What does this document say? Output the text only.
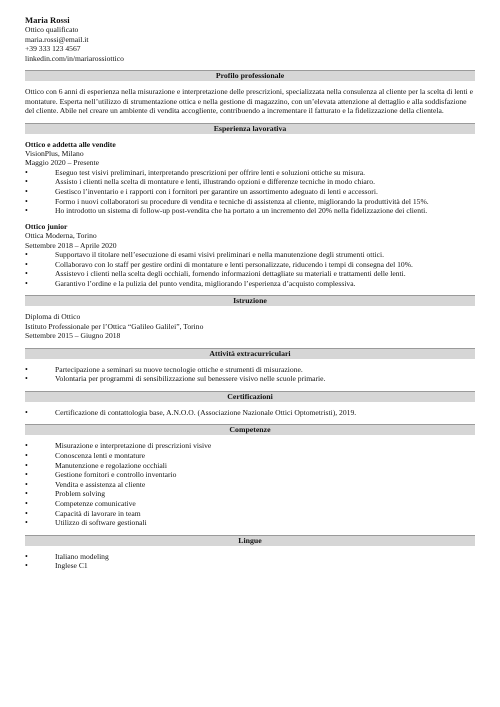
Maria Rossi
Ottico qualificato
maria.rossi@email.it
+39 333 123 4567
linkedin.com/in/mariarossiottico
Profilo professionale

Ottico con 6 anni di esperienza nella misurazione e interpretazione delle prescrizioni, specializzata nella consulenza al cliente per la scelta di lenti e montature. Esperta nell’utilizzo di strumentazione ottica e nella gestione di magazzino, con un’elevata attenzione al dettaglio e alla soddisfazione del cliente. Abile nel creare un ambiente di vendita accogliente, contribuendo a incrementare il fatturato e la fidelizzazione della clientela.

Esperienza lavorativa
Ottico e addetta alle vendite
VisionPlus, Milano
Maggio 2020 – Presente
• Eseguo test visivi preliminari, interpretando prescrizioni per offrire lenti e soluzioni ottiche su misura.
• Assisto i clienti nella scelta di montature e lenti, illustrando opzioni e differenze tecniche in modo chiaro.
• Gestisco l’inventario e i rapporti con i fornitori per garantire un assortimento adeguato di lenti e accessori.
• Formo i nuovi collaboratori su procedure di vendita e tecniche di assistenza al cliente, migliorando la produttività del 15%.
• Ho introdotto un sistema di follow-up post-vendita che ha portato a un incremento del 20% nella fidelizzazione dei clienti.
Ottico junior
Ottica Moderna, Torino
Settembre 2018 – Aprile 2020
• Supportavo il titolare nell’esecuzione di esami visivi preliminari e nella manutenzione degli strumenti ottici.
• Collaboravo con lo staff per gestire ordini di montature e lenti personalizzate, riducendo i tempi di consegna del 10%.
• Assistevo i clienti nella scelta degli occhiali, fornendo informazioni dettagliate su materiali e trattamenti delle lenti.
• Garantivo l’ordine e la pulizia del punto vendita, migliorando l’esperienza d’acquisto complessiva.
Istruzione
Diploma di Ottico
Istituto Professionale per l’Ottica “Galileo Galilei”, Torino
Settembre 2015 – Giugno 2018
Attività extracurriculari
• Partecipazione a seminari su nuove tecnologie ottiche e strumenti di misurazione.
• Volontaria per programmi di sensibilizzazione sul benessere visivo nelle scuole primarie.
Certificazioni
• Certificazione di contattologia base, A.N.O.O. (Associazione Nazionale Ottici Optometristi), 2019.
Competenze
• Misurazione e interpretazione di prescrizioni visive
• Conoscenza lenti e montature
• Manutenzione e regolazione occhiali
• Gestione fornitori e controllo inventario
• Vendita e assistenza al cliente
• Problem solving
• Competenze comunicative
• Capacità di lavorare in team
• Utilizzo di software gestionali
Lingue
• Italiano modeling
• Inglese C1
